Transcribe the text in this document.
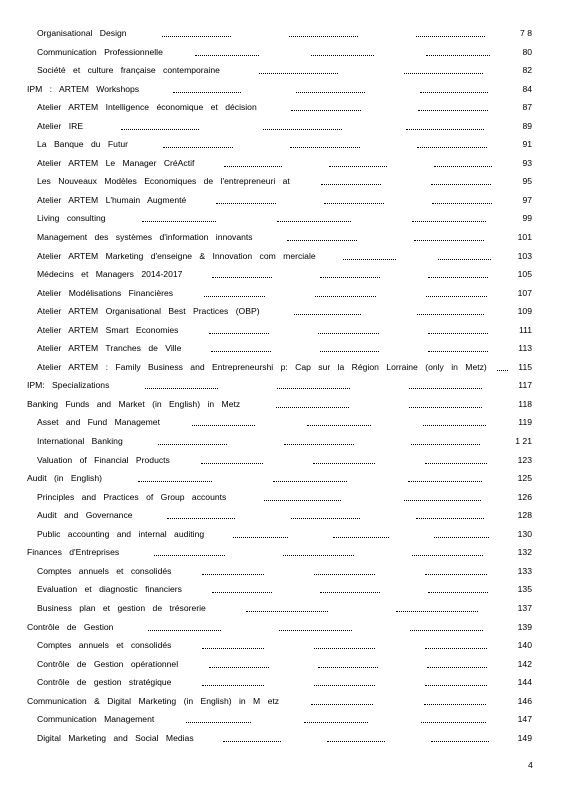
Organisational Design	7 8
Communication Professionnelle	80
Société et culture française contemporaine	82
IPM : ARTEM Workshops	84
Atelier ARTEM Intelligence économique et décision	87
Atelier IRE	89
La Banque du Futur	91
Atelier ARTEM Le Manager CréActif	93
Les Nouveaux Modèles Economiques de l'entrepreneuri at	95
Atelier ARTEM L'humain Augmenté	97
Living consulting	99
Management des systèmes d'information innovants	101
Atelier ARTEM Marketing d'enseigne & Innovation com merciale	103
Médecins et Managers 2014-2017	105
Atelier Modélisations Financières	107
Atelier ARTEM Organisational Best Practices (OBP)	109
Atelier ARTEM Smart Economies	111
Atelier ARTEM Tranches de Ville	113
Atelier ARTEM : Family Business and Entrepreneurshi p: Cap sur la Région Lorraine (only in Metz)	115
IPM: Specializations	117
Banking Funds and Market (in English) in Metz	118
Asset and Fund Managemet	119
International Banking	1 21
Valuation of Financial Products	123
Audit (in English)	125
Principles and Practices of Group accounts	126
Audit and Governance	128
Public accounting and internal auditing	130
Finances d'Entreprises	132
Comptes annuels et consolidés	133
Evaluation et diagnostic financiers	135
Business plan et gestion de trésorerie	137
Contrôle de Gestion	139
Comptes annuels et consolidés	140
Contrôle de Gestion opérationnel	142
Contrôle de gestion stratégique	144
Communication & Digital Marketing (in English) in M etz	146
Communication Management	147
Digital Marketing and Social Medias	149
4
